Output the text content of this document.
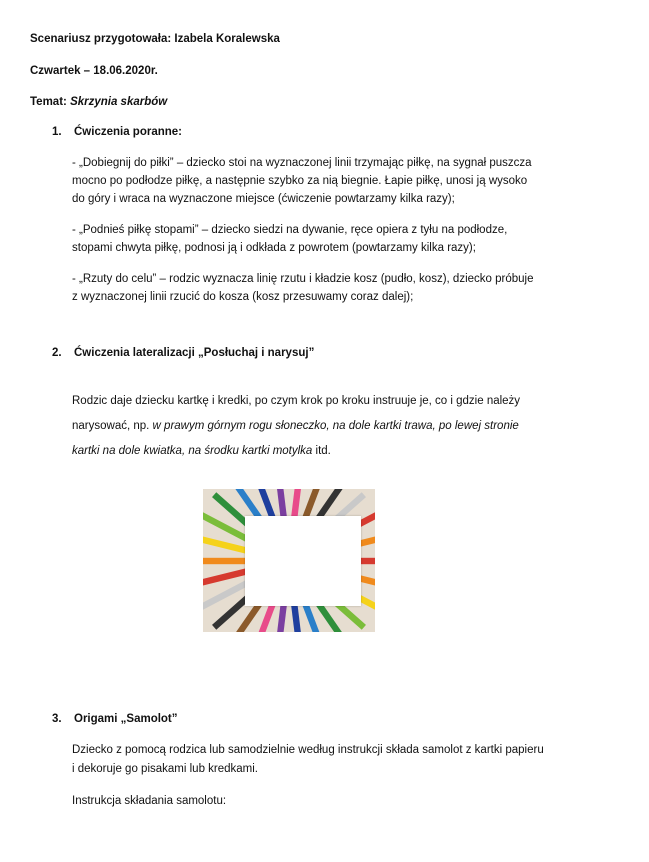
Scenariusz przygotowała: Izabela Koralewska
Czwartek – 18.06.2020r.
Temat: Skrzynia skarbów
1. Ćwiczenia poranne:
- „Dobiegnij do piłki” – dziecko stoi na wyznaczonej linii trzymając piłkę, na sygnał puszcza
mocno po podłodze piłkę, a następnie szybko za nią biegnie. Łapie piłkę, unosi ją wysoko
do góry i wraca na wyznaczone miejsce (ćwiczenie powtarzamy kilka razy);
- „Podnieś piłkę stopami” – dziecko siedzi na dywanie, ręce opiera z tyłu na podłodze,
stopami chwyta piłkę, podnosi ją i odkłada z powrotem (powtarzamy kilka razy);
- „Rzuty do celu” – rodzic wyznacza linię rzutu i kładzie kosz (pudło, kosz), dziecko próbuje
z wyznaczonej linii rzucić do kosza (kosz przesuwamy coraz dalej);
2. Ćwiczenia lateralizacji „Posłuchaj i narysuj”
Rodzic daje dziecku kartkę i kredki, po czym krok po kroku instruuje je, co i gdzie należy
narysować, np. w prawym górnym rogu słoneczko, na dole kartki trawa, po lewej stronie
kartki na dole kwiatka, na środku kartki motylka itd.
3. Origami „Samolot”
Dziecko z pomocą rodzica lub samodzielnie według instrukcji składa samolot z kartki papieru
i dekoruje go pisakami lub kredkami.
Instrukcja składania samolotu:
